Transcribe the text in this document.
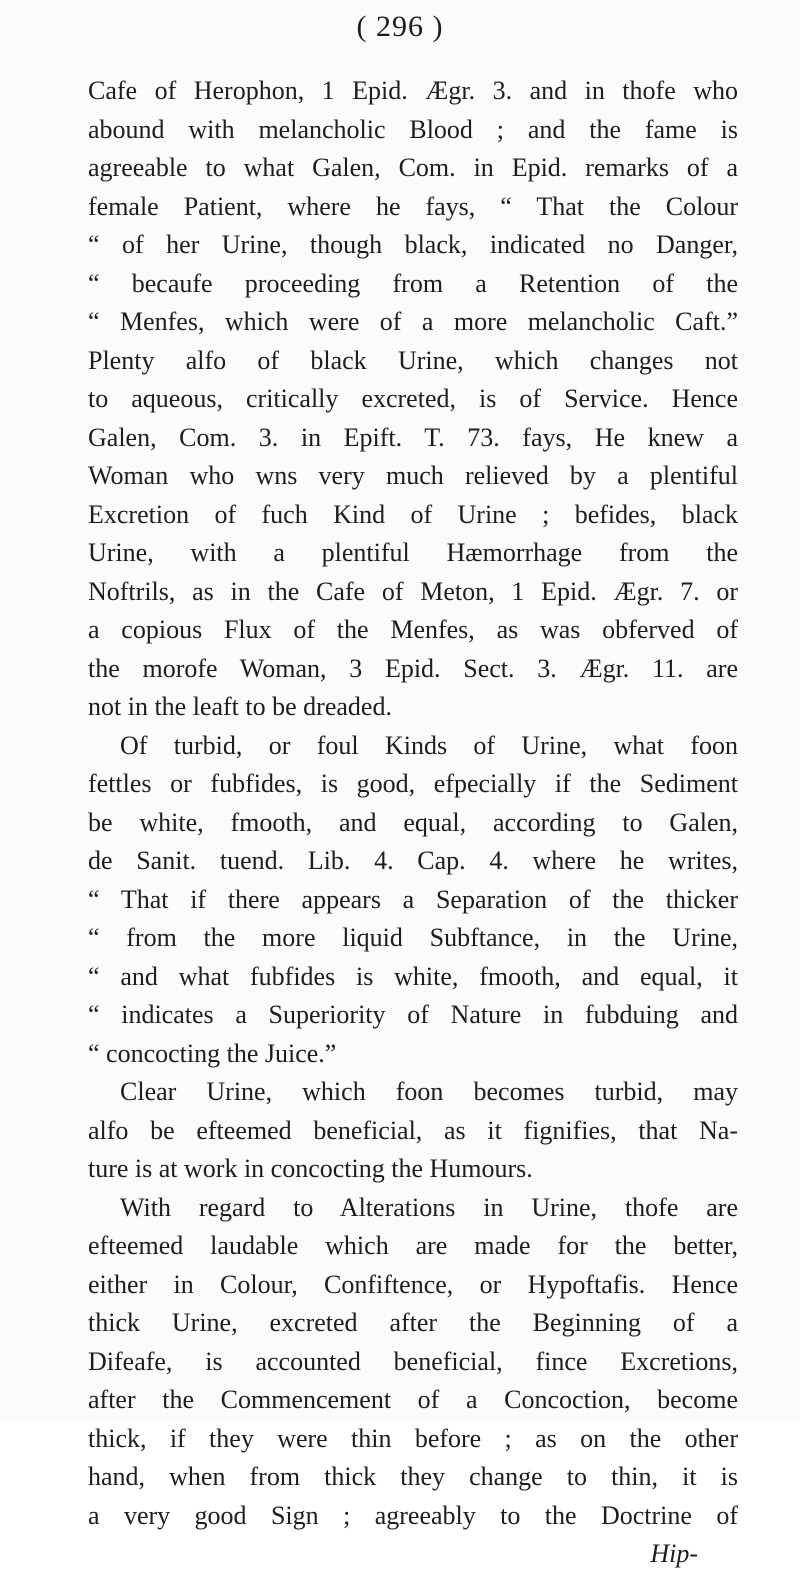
( 296 )
Cafe of Herophon, 1 Epid. Ægr. 3. and in thofe who
abound with melancholic Blood ; and the fame is
agreeable to what Galen, Com. in Epid. remarks of a
female Patient, where he fays, “ That the Colour
“ of her Urine, though black, indicated no Danger,
“ becaufe proceeding from a Retention of the
“ Menfes, which were of a more melancholic Caft.”
Plenty alfo of black Urine, which changes not
to aqueous, critically excreted, is of Service. Hence
Galen, Com. 3. in Epift. T. 73. fays, He knew a
Woman who wns very much relieved by a plentiful
Excretion of fuch Kind of Urine ; befides, black
Urine, with a plentiful Hæmorrhage from the
Noftrils, as in the Cafe of Meton, 1 Epid. Ægr. 7. or
a copious Flux of the Menfes, as was obferved of
the morofe Woman, 3 Epid. Sect. 3. Ægr. 11. are
not in the leaft to be dreaded.
Of turbid, or foul Kinds of Urine, what foon
fettles or fubfides, is good, efpecially if the Sediment
be white, fmooth, and equal, according to Galen,
de Sanit. tuend. Lib. 4. Cap. 4. where he writes,
“ That if there appears a Separation of the thicker
“ from the more liquid Subftance, in the Urine,
“ and what fubfides is white, fmooth, and equal, it
“ indicates a Superiority of Nature in fubduing and
“ concocting the Juice.”
Clear Urine, which foon becomes turbid, may
alfo be efteemed beneficial, as it fignifies, that Na-
ture is at work in concocting the Humours.
With regard to Alterations in Urine, thofe are
efteemed laudable which are made for the better,
either in Colour, Confiftence, or Hypoftafis. Hence
thick Urine, excreted after the Beginning of a
Difeafe, is accounted beneficial, fince Excretions,
after the Commencement of a Concoction, become
thick, if they were thin before ; as on the other
hand, when from thick they change to thin, it is
a very good Sign ; agreeably to the Doctrine of
Hip-
